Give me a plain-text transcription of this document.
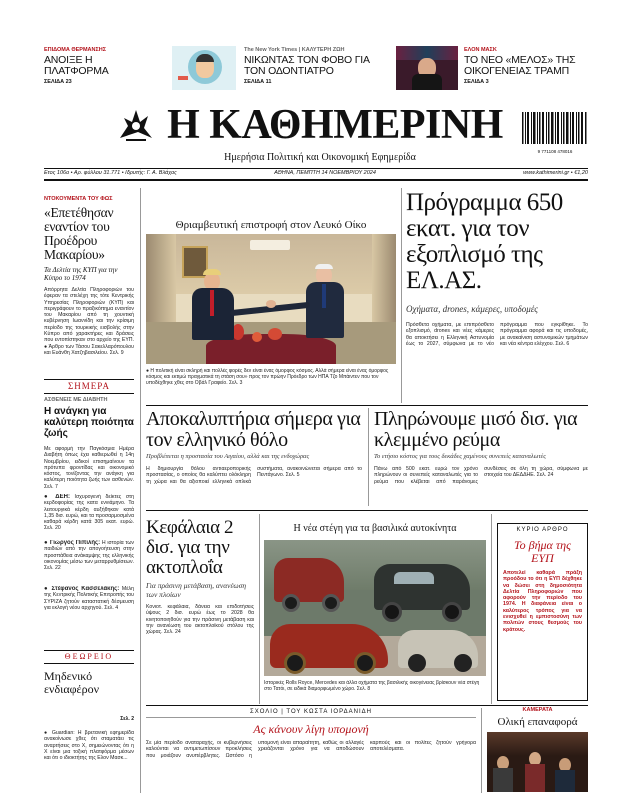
ΕΠΙΔΟΜΑ ΘΕΡΜΑΝΣΗΣ
ΑΝΟΙΞΕ Η ΠΛΑΤΦΟΡΜΑ
ΣΕΛΙΔΑ 23
The New York Times | ΚΑΛΥΤΕΡΗ ΖΩΗ
ΝΙΚΩΝΤΑΣ ΤΟΝ ΦΟΒΟ ΓΙΑ ΤΟΝ ΟΔΟΝΤΙΑΤΡΟ
ΣΕΛΙΔΑ 11
ΕΛΟΝ ΜΑΣΚ
ΤΟ ΝΕΟ «ΜΕΛΟΣ» ΤΗΣ ΟΙΚΟΓΕΝΕΙΑΣ ΤΡΑΜΠ
ΣΕΛΙΔΑ 3
Η ΚΑΘΗΜΕΡΙΝΗ
Ημερήσια Πολιτική και Οικονομική Εφημερίδα
9 771108 478016
Ετος 106ο • Αρ. φύλλου 31.771 • Ιδρυτής: Γ. Α. Βλάχος	ΑΘΗΝΑ, ΠΕΜΠΤΗ 14 ΝΟΕΜΒΡΙΟΥ 2024	www.kathimerini.gr • €1,20
ΝΤΟΚΟΥΜΕΝΤΑ ΤΟΥ ΦΩΣ
«Επετέθησαν εναντίον του Προέδρου Μακαρίου»
Τα Δελτία της ΚΥΠ για την Κύπρο το 1974
Απόρρητα Δελτία Πληροφοριών του έφεραν τα στελέχη της τότε Κεντρικής Υπηρεσίας Πληροφοριών (ΚΥΠ) και περιγράφουν το πραξικόπημα εναντίον του Μακαρίου από τη χουντική κυβέρνηση Ιωαννίδη και την κρίσιμη περίοδο της τουρκικής εισβολής στην Κύπρο από χαρακτήρες και δράσεις που εντοπίστηκαν στο αρχείο της ΕΥΠ. ● Άρθρο των Τάσου Σακελλαρόπουλου και Ευάνθη Χατζηβασιλείου. Σελ. 9
ΣΗΜΕΡΑ
ΑΣΘΕΝΕΙΣ ΜΕ ΔΙΑΒΗΤΗ
Η ανάγκη για καλύτερη ποιότητα ζωής
Με αφορμή την Παγκόσμια Ημέρα Διαβήτη όπως έχει καθιερωθεί η 14η Νοεμβρίου, ειδικοί επισημαίνουν τα πρότυπα φροντίδας και οικονομικό κόστος, τονίζοντας την ανάγκη για καλύτερη ποιότητα ζωής των ασθενών. Σελ. 7
● ΔΕΗ: Ισχυρογενή δείκτες στη κερδοφορίας της κατα εννιάμηνο. Τα λειτουργικά κέρδη αυξήθηκαν κατά 1,35 δισ. ευρώ, και τα προσαρμοσμένα καθαρά κέρδη κατά 305 εκατ. ευρώ. Σελ. 20
● Γιώργος Πιπιλής: Η ιστορία των παιδιών από την απογοήτευση στην προσπάθεια ανάκαμψης της ελληνικής οικονομίας μέσω των μεταρρυθμίσεων. Σελ. 22
● Στέφανος Κασσελάκης: Μέλη της Κεντρικής Πολιτικής Επιτροπής του ΣΥΡΙΖΑ ζητούν καταστατική δέσμευση για εκλογή νέου αρχηγού. Σελ. 4
ΘΕΩΡΕΙΟ
Μηδενικό ενδιαφέρον
Σελ. 2
● Guardian: Η βρετανική εφημερίδα ανακοίνωσε χθες ότι σταματάει τις αναρτήσεις στο Χ, σημειώνοντας ότι η Χ είναι μια τοξική πλατφόρμα μέσων και ότι ο ιδιοκτήτης της Ελον Μασκ...
Θριαμβευτική επιστροφή στον Λευκό Οίκο
● Η πολιτική είναι σκληρή και πολλές φορές δεν είναι ένας όμορφος κόσμος. Αλλά σήμερα είναι ένας όμορφος κόσμος και εκτιμώ πραγματικά τη στάση σου» προς τον πρώην Πρόεδρο των ΗΠΑ Τζο Μπάιντεν που τον υποδέχθηκε χθες στο Οβάλ Γραφείο. Σελ. 3
Πρόγραμμα 650 εκατ. για τον εξοπλισμό της ΕΛ.ΑΣ.
Οχήματα, drones, κάμερες, υποδομές
Πρόσθετα οχήματα, με επιπρόσθετο εξοπλισμό, drones και νέες κάμερες θα αποκτήσει η Ελληνική Αστυνομία έως το 2027, σύμφωνα με το νέο πρόγραμμα που εγκρίθηκε. Το πρόγραμμα αφορά και τις υποδομές, με ανακαίνιση αστυνομικών τμημάτων και νέα κέντρα ελέγχου. Σελ. 6
Αποκαλυπτήρια σήμερα για τον ελληνικό θόλο
Προβλέπεται η προστασία του Αιγαίου, αλλά και της ενδοχώρας
Η δημιουργία θόλου αντιαεροπορικής προστασίας, ο οποίος θα καλύπτει ολόκληρη τη χώρα και θα αξιοποιεί ελληνικά οπλικά συστήματα, ανακοινώνεται σήμερα από το Πεντάγωνο. Σελ. 5
Πληρώνουμε μισό δισ. για κλεμμένο ρεύμα
Το ετήσιο κόστος για τους δεκάδες χαμένους συνεπείς καταναλωτές
Πάνω από 500 εκατ. ευρώ τον χρόνο πληρώνουν οι συνεπείς καταναλωτές για το ρεύμα που κλέβεται από παράνομες συνδέσεις σε όλη τη χώρα, σύμφωνα με στοιχεία του ΔΕΔΔΗΕ. Σελ. 24
Κεφάλαια 2 δισ. για την ακτοπλοΐα
Για πράσινη μετάβαση, ανανέωση των πλοίων
Κονιοτ. κεφάλαια, δάνεια και επιδοτήσεις ύψους 2 δισ. ευρώ έως το 2028 θα κινητοποιηθούν για την πράσινη μετάβαση και την ανανέωση του ακτοπλοϊκού στόλου της χώρας. Σελ. 24
Η νέα στέγη για τα βασιλικά αυτοκίνητα
Ιστορικές Rolls Royce, Mercedes και άλλα οχήματα της βασιλικής οικογένειας βρίσκουν νέα στέγη στο Τατόι, σε ειδικά διαμορφωμένο χώρο. Σελ. 8
ΚΥΡΙΟ ΑΡΘΡΟ
Το βήμα της ΕΥΠ
Αποτελεί καθαρά πράξη προόδου το ότι η ΕΥΠ δέχθηκε να δώσει στη δημοσιότητα Δελτία Πληροφοριών που αφορούν την περίοδο του 1974. Η διαφάνεια είναι ο καλύτερος τρόπος για να ενισχυθεί η εμπιστοσύνη των πολιτών στους θεσμούς του κράτους.
ΣΧΟΛΙΟ | ΤΟΥ ΚΩΣΤΑ ΙΟΡΔΑΝΙΔΗ
Ας κάνουν λίγη υπομονή
Σε μία περίοδο αναταραχής, οι κυβερνήσεις καλούνται να αντιμετωπίσουν προκλήσεις που μοιάζουν ανυπέρβλητες. Ωστόσο η υπομονή είναι απαραίτητη, καθώς οι αλλαγές χρειάζονται χρόνο για να αποδώσουν καρπούς και οι πολίτες ζητούν γρήγορα αποτελέσματα.
ΚΑΜΕΡΑΤΑ
Ολική επαναφορά
